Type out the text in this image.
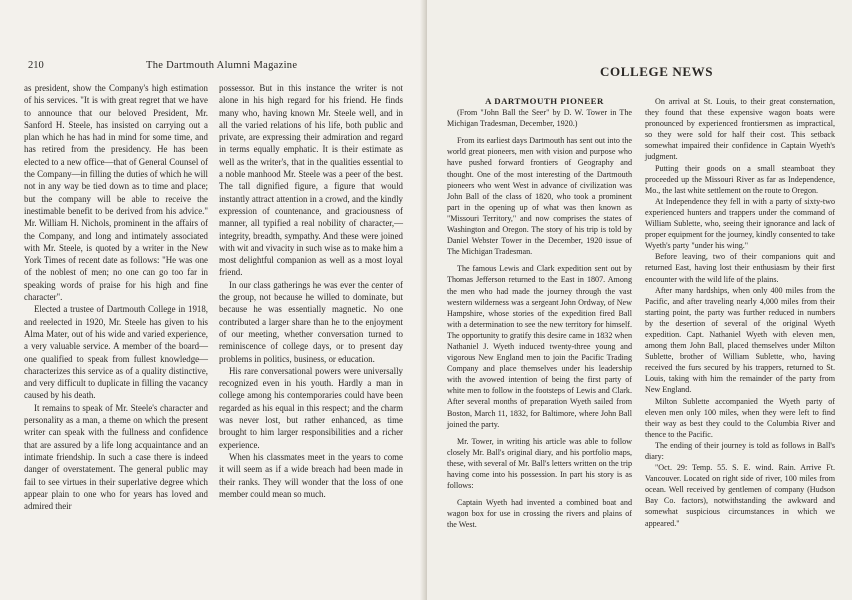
210	The Dartmouth Alumni Magazine

as president, show the Company's high estimation of his services. "It is with great regret that we have to announce that our beloved President, Mr. Sanford H. Steele, has insisted on carrying out a plan which he has had in mind for some time, and has retired from the presidency. He has been elected to a new office—that of General Counsel of the Company—in filling the duties of which he will not in any way be tied down as to time and place; but the company will be able to receive the inestimable benefit to be derived from his advice." Mr. William H. Nichols, prominent in the affairs of the Company, and long and intimately associated with Mr. Steele, is quoted by a writer in the New York Times of recent date as follows: "He was one of the noblest of men; no one can go too far in speaking words of praise for his high and fine character".

Elected a trustee of Dartmouth College in 1918, and reelected in 1920, Mr. Steele has given to his Alma Mater, out of his wide and varied experience, a very valuable service. A member of the board—one qualified to speak from fullest knowledge—characterizes this service as of a quality distinctive, and very difficult to duplicate in filling the vacancy caused by his death.

It remains to speak of Mr. Steele's character and personality as a man, a theme on which the present writer can speak with the fullness and confidence that are assured by a life long acquaintance and an intimate friendship. In such a case there is indeed danger of overstatement. The general public may fail to see virtues in their superlative degree which appear plain to one who for years has loved and admired their

possessor. But in this instance the writer is not alone in his high regard for his friend. He finds many who, having known Mr. Steele well, and in all the varied relations of his life, both public and private, are expressing their admiration and regard in terms equally emphatic. It is their estimate as well as the writer's, that in the qualities essential to a noble manhood Mr. Steele was a peer of the best. The tall dignified figure, a figure that would instantly attract attention in a crowd, and the kindly expression of countenance, and graciousness of manner, all typified a real nobility of character,—integrity, breadth, sympathy. And these were joined with wit and vivacity in such wise as to make him a most delightful companion as well as a most loyal friend.

In our class gatherings he was ever the center of the group, not because he willed to dominate, but because he was essentially magnetic. No one contributed a larger share than he to the enjoyment of our meeting, whether conversation turned to reminiscence of college days, or to present day problems in politics, business, or education.

His rare conversational powers were universally recognized even in his youth. Hardly a man in college among his contemporaries could have been regarded as his equal in this respect; and the charm was never lost, but rather enhanced, as time brought to him larger responsibilities and a richer experience.

When his classmates meet in the years to come it will seem as if a wide breach had been made in their ranks. They will wonder that the loss of one member could mean so much.

COLLEGE NEWS

A DARTMOUTH PIONEER

(From "John Ball the Seer" by D. W. Tower in The Michigan Tradesman, December, 1920.)

From its earliest days Dartmouth has sent out into the world great pioneers, men with vision and purpose who have pushed forward frontiers of Geography and thought. One of the most interesting of the Dartmouth pioneers who went West in advance of civilization was John Ball of the class of 1820, who took a prominent part in the opening up of what was then known as "Missouri Territory," and now comprises the states of Washington and Oregon. The story of his trip is told by Daniel Webster Tower in the December, 1920 issue of The Michigan Tradesman.

The famous Lewis and Clark expedition sent out by Thomas Jefferson returned to the East in 1807. Among the men who had made the journey through the vast western wilderness was a sergeant John Ordway, of New Hampshire, whose stories of the expedition fired Ball with a determination to see the new territory for himself. The opportunity to gratify this desire came in 1832 when Nathaniel J. Wyeth induced twenty-three young and vigorous New England men to join the Pacific Trading Company and place themselves under his leadership with the avowed intention of being the first party of white men to follow in the footsteps of Lewis and Clark. After several months of preparation Wyeth sailed from Boston, March 11, 1832, for Baltimore, where John Ball joined the party.

Mr. Tower, in writing his article was able to follow closely Mr. Ball's original diary, and his portfolio maps, these, with several of Mr. Ball's letters written on the trip having come into his possession. In part his story is as follows:

Captain Wyeth had invented a combined boat and wagon box for use in crossing the rivers and plains of the West.

On arrival at St. Louis, to their great consternation, they found that these expensive wagon boats were pronounced by experienced frontiersmen as impractical, so they were sold for half their cost. This setback somewhat impaired their confidence in Captain Wyeth's judgment.

Putting their goods on a small steamboat they proceeded up the Missouri River as far as Independence, Mo., the last white settlement on the route to Oregon.

At Independence they fell in with a party of sixty-two experienced hunters and trappers under the command of William Sublette, who, seeing their ignorance and lack of proper equipment for the journey, kindly consented to take Wyeth's party "under his wing."

Before leaving, two of their companions quit and returned East, having lost their enthusiasm by their first encounter with the wild life of the plains.

After many hardships, when only 400 miles from the Pacific, and after traveling nearly 4,000 miles from their starting point, the party was further reduced in numbers by the desertion of several of the original Wyeth expedition. Capt. Nathaniel Wyeth with eleven men, among them John Ball, placed themselves under Milton Sublette, brother of William Sublette, who, having received the furs secured by his trappers, returned to St. Louis, taking with him the remainder of the party from New England.

Milton Sublette accompanied the Wyeth party of eleven men only 100 miles, when they were left to find their way as best they could to the Columbia River and thence to the Pacific.

The ending of their journey is told as follows in Ball's diary:

"Oct. 29: Temp. 55. S. E. wind. Rain. Arrive Ft. Vancouver. Located on right side of river, 100 miles from ocean. Well received by gentlemen of company (Hudson Bay Co. factors), notwithstanding the awkward and somewhat suspicious circumstances in which we appeared."
